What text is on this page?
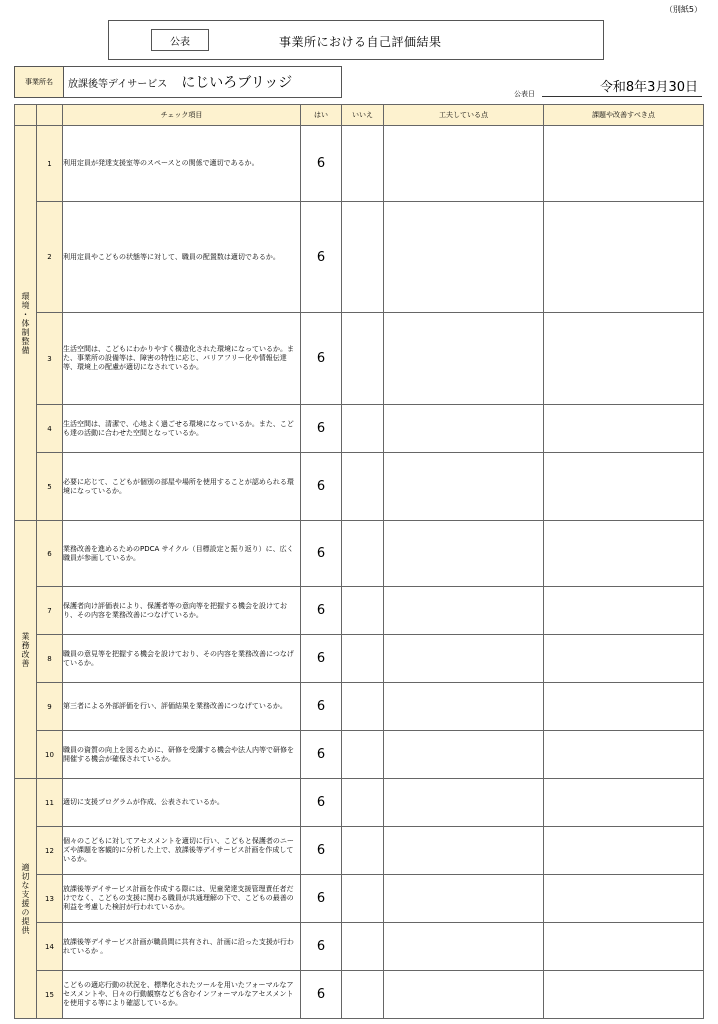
（別紙5）
公表	事業所における自己評価結果
事業所名	放課後等デイサービス にじいろブリッジ
公表日	令和8年3月30日
		チェック項目	はい	いいえ	工夫している点	課題や改善すべき点

環境・体制整備	1	利用定員が発達支援室等のスペースとの関係で適切であるか。	6			
	2	利用定員やこどもの状態等に対して、職員の配置数は適切であるか。	6			
	3	生活空間は、こどもにわかりやすく構造化された環境になっているか。また、事業所の設備等は、障害の特性に応じ、バリアフリー化や情報伝達等、環境上の配慮が適切になされているか。	6			
	4	生活空間は、清潔で、心地よく過ごせる環境になっているか。また、こども達の活動に合わせた空間となっているか。	6			
	5	必要に応じて、こどもが個別の部屋や場所を使用することが認められる環境になっているか。	6			

業務改善	6	業務改善を進めるためのPDCA サイクル（目標設定と振り返り）に、広く職員が参画しているか。	6			
	7	保護者向け評価表により、保護者等の意向等を把握する機会を設けており、その内容を業務改善につなげているか。	6			
	8	職員の意見等を把握する機会を設けており、その内容を業務改善につなげているか。	6			
	9	第三者による外部評価を行い、評価結果を業務改善につなげているか。	6			
	10	職員の資質の向上を図るために、研修を受講する機会や法人内等で研修を開催する機会が確保されているか。	6			

適切な支援の提供	11	適切に支援プログラムが作成、公表されているか。	6			
	12	個々のこどもに対してアセスメントを適切に行い、こどもと保護者のニーズや課題を客観的に分析した上で、放課後等デイサービス計画を作成しているか。	6			
	13	放課後等デイサービス計画を作成する際には、児童発達支援管理責任者だけでなく、こどもの支援に関わる職員が共通理解の下で、こどもの最善の利益を考慮した検討が行われているか。	6			
	14	放課後等デイサービス計画が職員間に共有され、計画に沿った支援が行われているか 。	6			
	15	こどもの適応行動の状況を、標準化されたツールを用いたフォーマルなアセスメントや、日々の行動観察なども含むインフォーマルなアセスメントを使用する等により確認しているか。	6			
